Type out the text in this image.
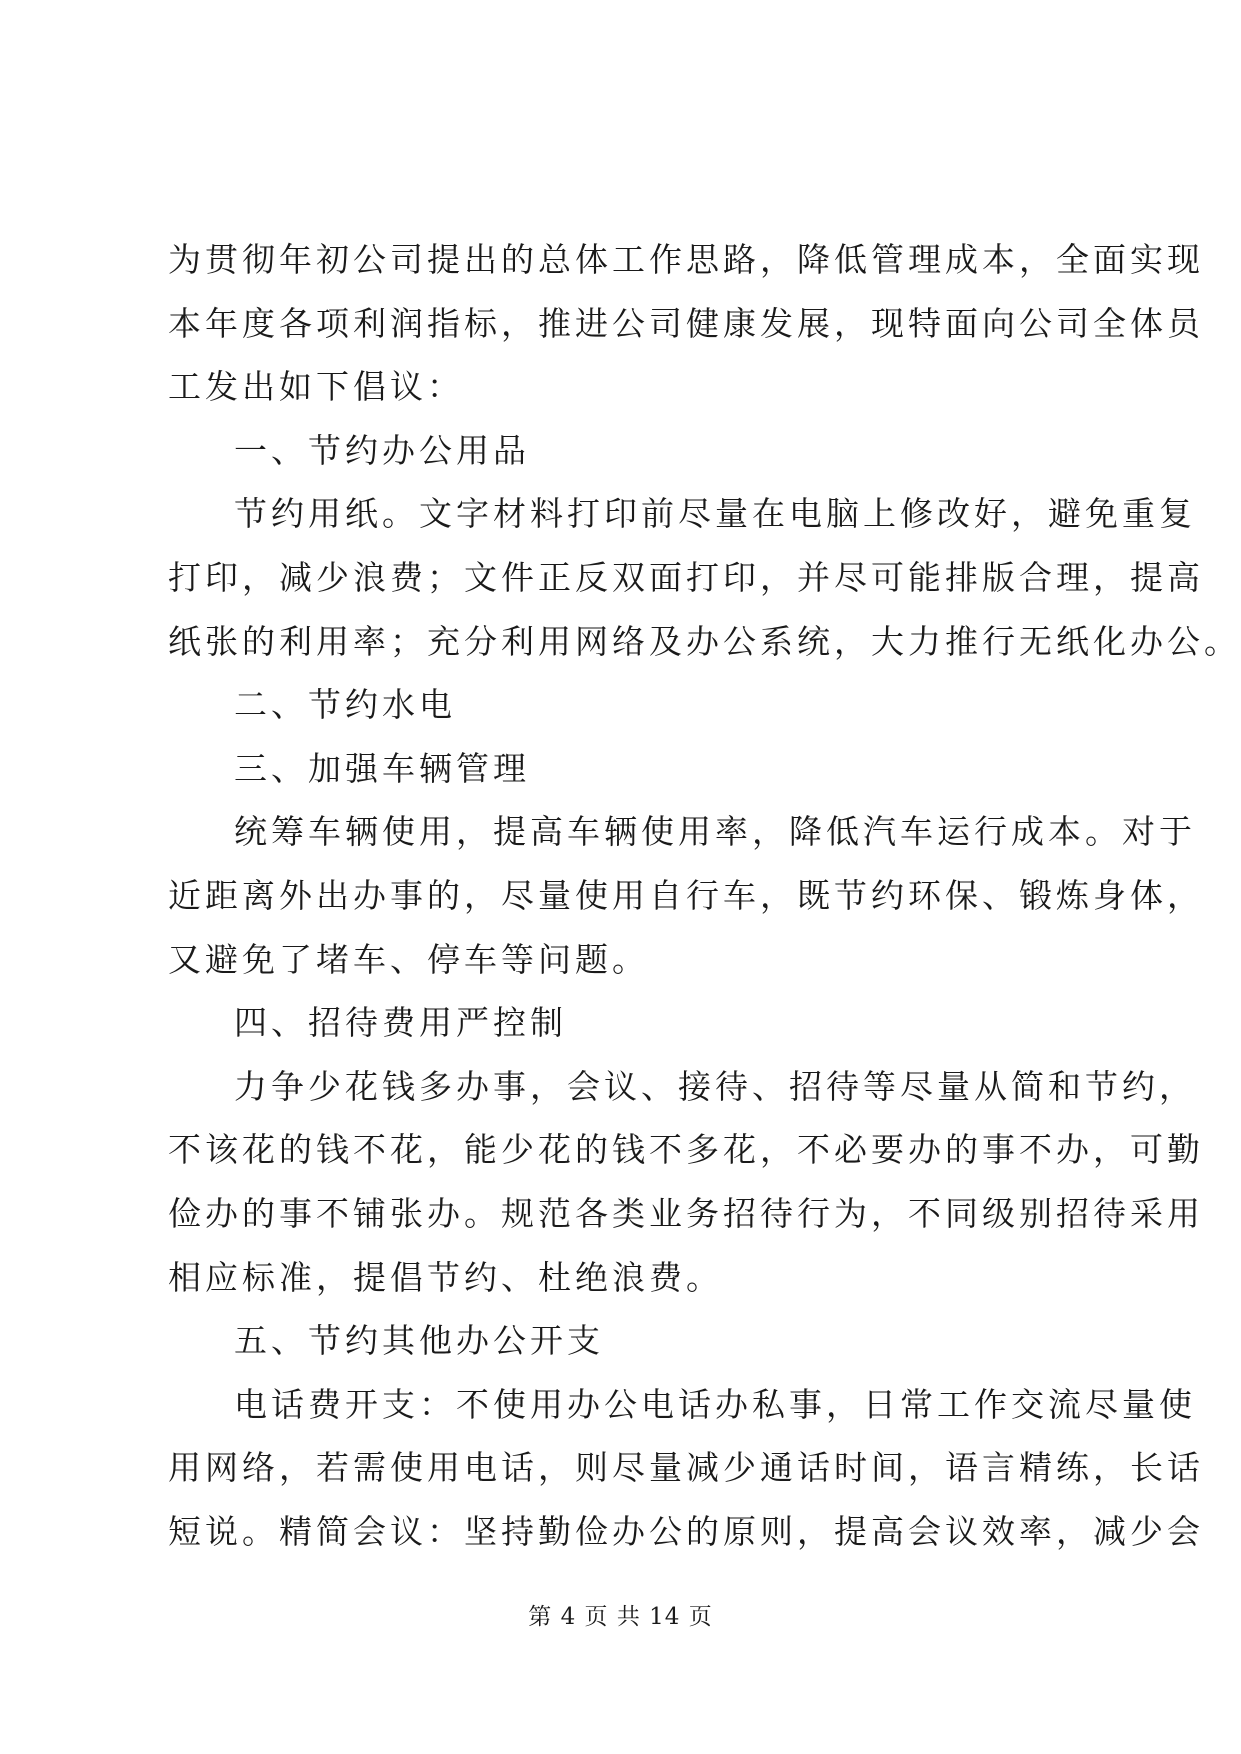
为贯彻年初公司提出的总体工作思路，降低管理成本，全面实现
本年度各项利润指标，推进公司健康发展，现特面向公司全体员
工发出如下倡议：
一、节约办公用品
节约用纸。文字材料打印前尽量在电脑上修改好，避免重复
打印，减少浪费；文件正反双面打印，并尽可能排版合理，提高
纸张的利用率；充分利用网络及办公系统，大力推行无纸化办公。
二、节约水电
三、加强车辆管理
统筹车辆使用，提高车辆使用率，降低汽车运行成本。对于
近距离外出办事的，尽量使用自行车，既节约环保、锻炼身体，
又避免了堵车、停车等问题。
四、招待费用严控制
力争少花钱多办事，会议、接待、招待等尽量从简和节约，
不该花的钱不花，能少花的钱不多花，不必要办的事不办，可勤
俭办的事不铺张办。规范各类业务招待行为，不同级别招待采用
相应标准，提倡节约、杜绝浪费。
五、节约其他办公开支
电话费开支：不使用办公电话办私事，日常工作交流尽量使
用网络，若需使用电话，则尽量减少通话时间，语言精练，长话
短说。精简会议：坚持勤俭办公的原则，提高会议效率，减少会
第 4 页 共 14 页
